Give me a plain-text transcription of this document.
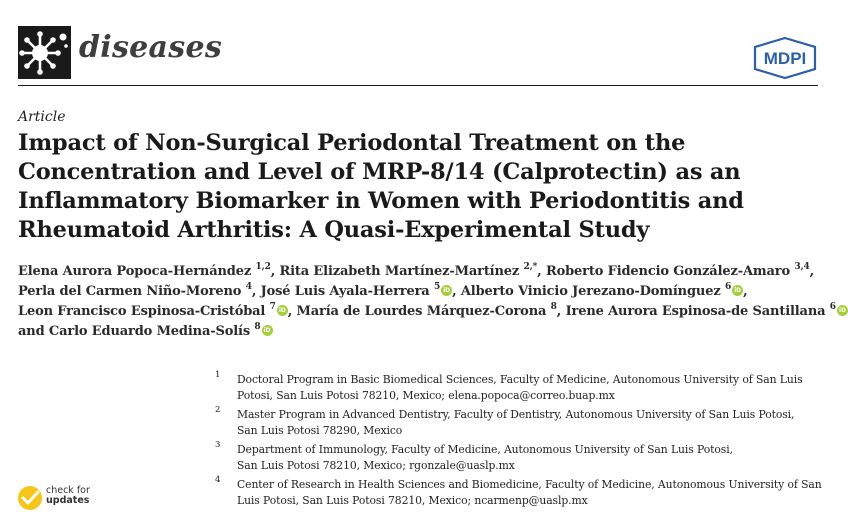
diseases	MDPI
Article
Impact of Non-Surgical Periodontal Treatment on the
Concentration and Level of MRP-8/14 (Calprotectin) as an
Inflammatory Biomarker in Women with Periodontitis and
Rheumatoid Arthritis: A Quasi-Experimental Study
Elena Aurora Popoca-Hernández $^{1,2}$, Rita Elizabeth Martínez-Martínez $^{2,*}$, Roberto Fidencio González-Amaro $^{3,4}$,
Perla del Carmen Niño-Moreno $^4$, José Luis Ayala-Herrera $^5$ iD , Alberto Vinicio Jerezano-Domínguez $^6$ iD ,
Leon Francisco Espinosa-Cristóbal $^7$ iD , María de Lourdes Márquez-Corona $^8$, Irene Aurora Espinosa-de Santillana $^6$iD
and Carlo Eduardo Medina-Solís $^8$iD
1 Doctoral Program in Basic Biomedical Sciences, Faculty of Medicine, Autonomous University of San Luis
Potosi, San Luis Potosi 78210, Mexico; elena.popoca@correo.buap.mx
2 Master Program in Advanced Dentistry, Faculty of Dentistry, Autonomous University of San Luis Potosi,
San Luis Potosi 78290, Mexico
3 Department of Immunology, Faculty of Medicine, Autonomous University of San Luis Potosi,
San Luis Potosi 78210, Mexico; rgonzale@uaslp.mx
4 Center of Research in Health Sciences and Biomedicine, Faculty of Medicine, Autonomous University of San
Luis Potosi, San Luis Potosi 78210, Mexico; ncarmenp@uaslp.mx
check for
updates
